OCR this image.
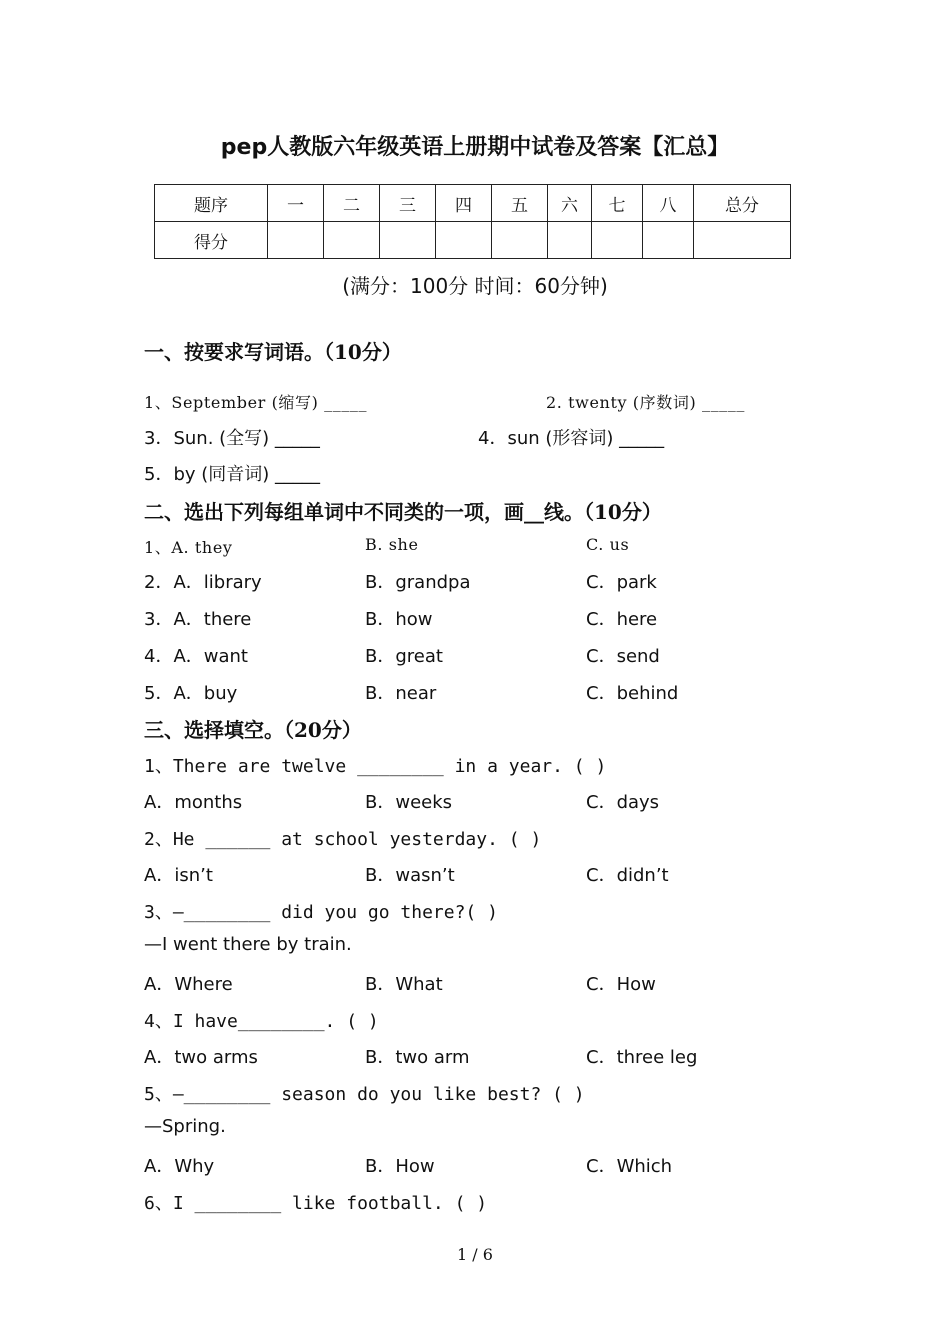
pep人教版六年级英语上册期中试卷及答案【汇总】
题序	一	二	三	四	五	六	七	八	总分
得分									
(满分：100分 时间：60分钟)
一、按要求写词语。（10分）
1、September (缩写) _____	2. twenty (序数词) _____
3．Sun. (全写) _____	4．sun (形容词) _____
5．by (同音词) _____
二、选出下列每组单词中不同类的一项，画__线。（10分）
1、A. they	B. she	C. us
2．A．library	B．grandpa	C．park
3．A．there	B．how	C．here
4．A．want	B．great	C．send
5．A．buy	B．near	C．behind
三、选择填空。（20分）
1、There are twelve ________ in a year. ( )
A．months	B．weeks	C．days
2、He ______ at school yesterday. ( )
A．isn’t	B．wasn’t	C．didn’t
3、—________ did you go there?( )
—I went there by train.
A．Where	B．What	C．How
4、I have________. ( )
A．two arms	B．two arm	C．three leg
5、—________ season do you like best? ( )
—Spring.
A．Why	B．How	C．Which
6、I ________ like football. ( )
1 / 6
